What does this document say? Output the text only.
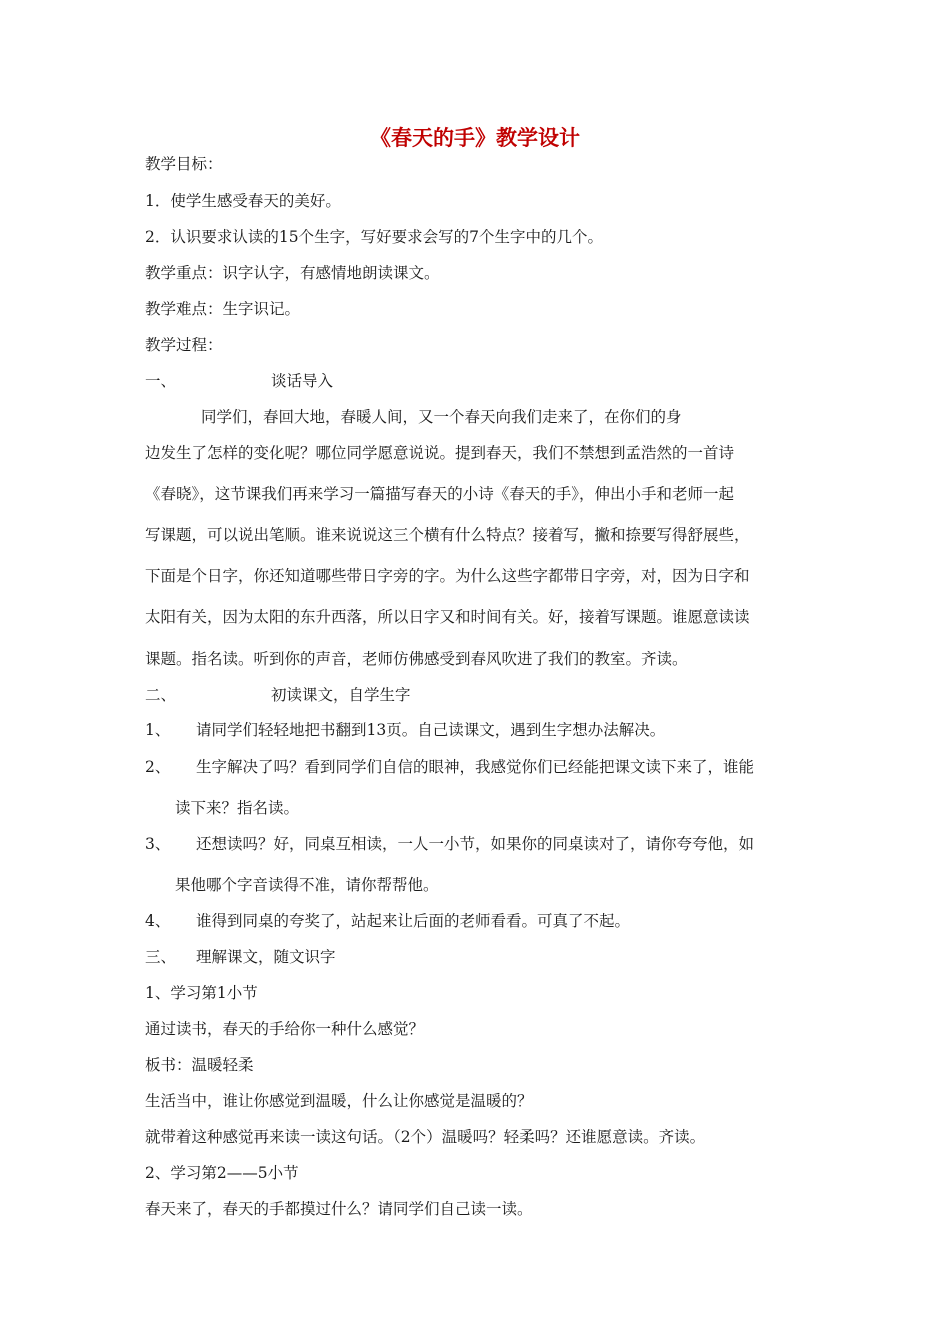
《春天的手》教学设计
教学目标：
1．使学生感受春天的美好。
2．认识要求认读的15个生字，写好要求会写的7个生字中的几个。
教学重点：识字认字，有感情地朗读课文。
教学难点：生字识记。
教学过程：
一、	谈话导入
同学们，春回大地，春暖人间，又一个春天向我们走来了，在你们的身
边发生了怎样的变化呢？哪位同学愿意说说。提到春天，我们不禁想到孟浩然的一首诗
《春晓》，这节课我们再来学习一篇描写春天的小诗《春天的手》，伸出小手和老师一起
写课题，可以说出笔顺。谁来说说这三个横有什么特点？接着写，撇和捺要写得舒展些，
下面是个日字，你还知道哪些带日字旁的字。为什么这些字都带日字旁，对，因为日字和
太阳有关，因为太阳的东升西落，所以日字又和时间有关。好，接着写课题。谁愿意读读
课题。指名读。听到你的声音，老师仿佛感受到春风吹进了我们的教室。齐读。
二、	初读课文，自学生字
1、 请同学们轻轻地把书翻到13页。自己读课文，遇到生字想办法解决。
2、 生字解决了吗？看到同学们自信的眼神，我感觉你们已经能把课文读下来了，谁能
读下来？指名读。
3、 还想读吗？好，同桌互相读，一人一小节，如果你的同桌读对了，请你夸夸他，如
果他哪个字音读得不准，请你帮帮他。
4、 谁得到同桌的夸奖了，站起来让后面的老师看看。可真了不起。
三、 理解课文，随文识字
1、学习第1小节
通过读书，春天的手给你一种什么感觉？
板书：温暖轻柔
生活当中，谁让你感觉到温暖，什么让你感觉是温暖的？
就带着这种感觉再来读一读这句话。（2个）温暖吗？轻柔吗？还谁愿意读。齐读。
2、学习第2——5小节
春天来了，春天的手都摸过什么？请同学们自己读一读。
